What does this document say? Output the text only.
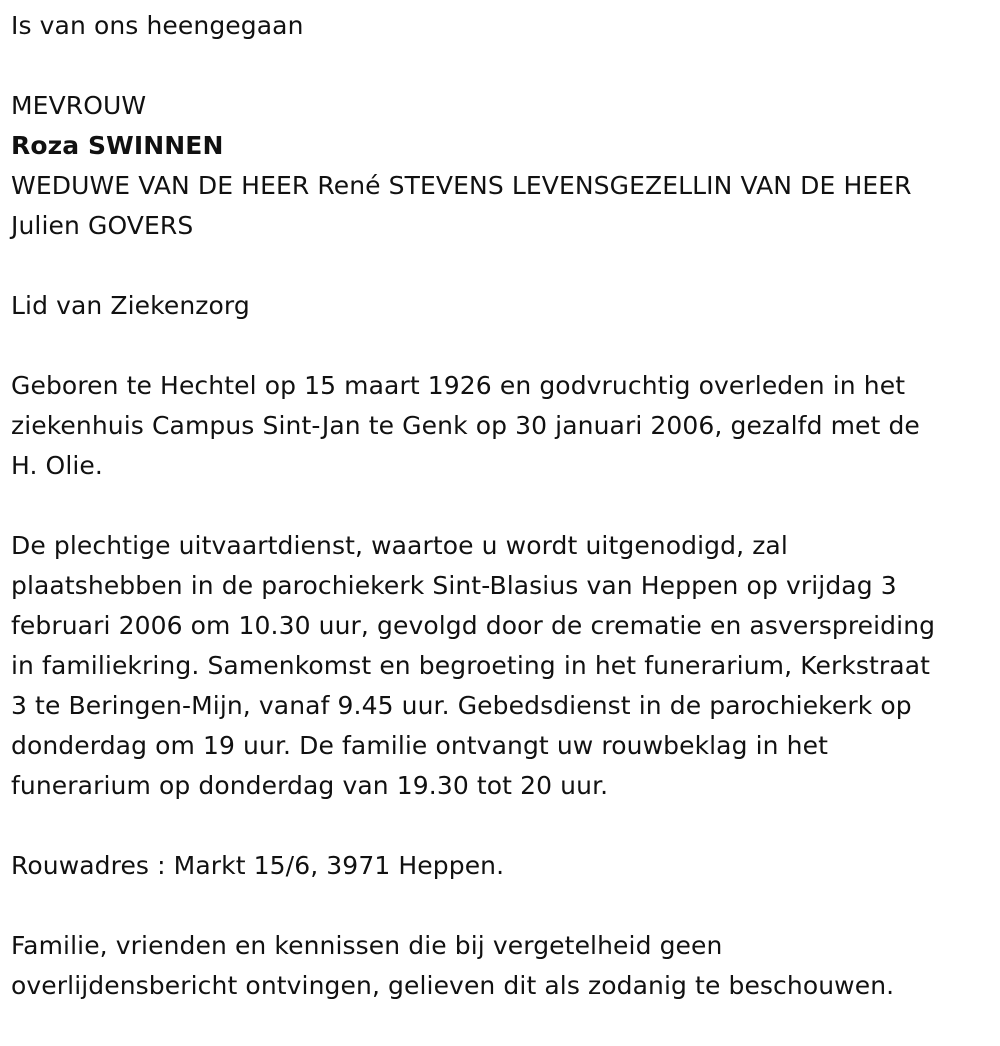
Is van ons heengegaan

MEVROUW

Roza SWINNEN

WEDUWE VAN DE HEER René STEVENS LEVENSGEZELLIN VAN DE HEER

Julien GOVERS

Lid van Ziekenzorg

Geboren te Hechtel op 15 maart 1926 en godvruchtig overleden in het

ziekenhuis Campus Sint-Jan te Genk op 30 januari 2006, gezalfd met de

H. Olie.

De plechtige uitvaartdienst, waartoe u wordt uitgenodigd, zal

plaatshebben in de parochiekerk Sint-Blasius van Heppen op vrijdag 3

februari 2006 om 10.30 uur, gevolgd door de crematie en asverspreiding

in familiekring. Samenkomst en begroeting in het funerarium, Kerkstraat

3 te Beringen-Mijn, vanaf 9.45 uur. Gebedsdienst in de parochiekerk op

donderdag om 19 uur. De familie ontvangt uw rouwbeklag in het

funerarium op donderdag van 19.30 tot 20 uur.

Rouwadres : Markt 15/6, 3971 Heppen.

Familie, vrienden en kennissen die bij vergetelheid geen

overlijdensbericht ontvingen, gelieven dit als zodanig te beschouwen.
